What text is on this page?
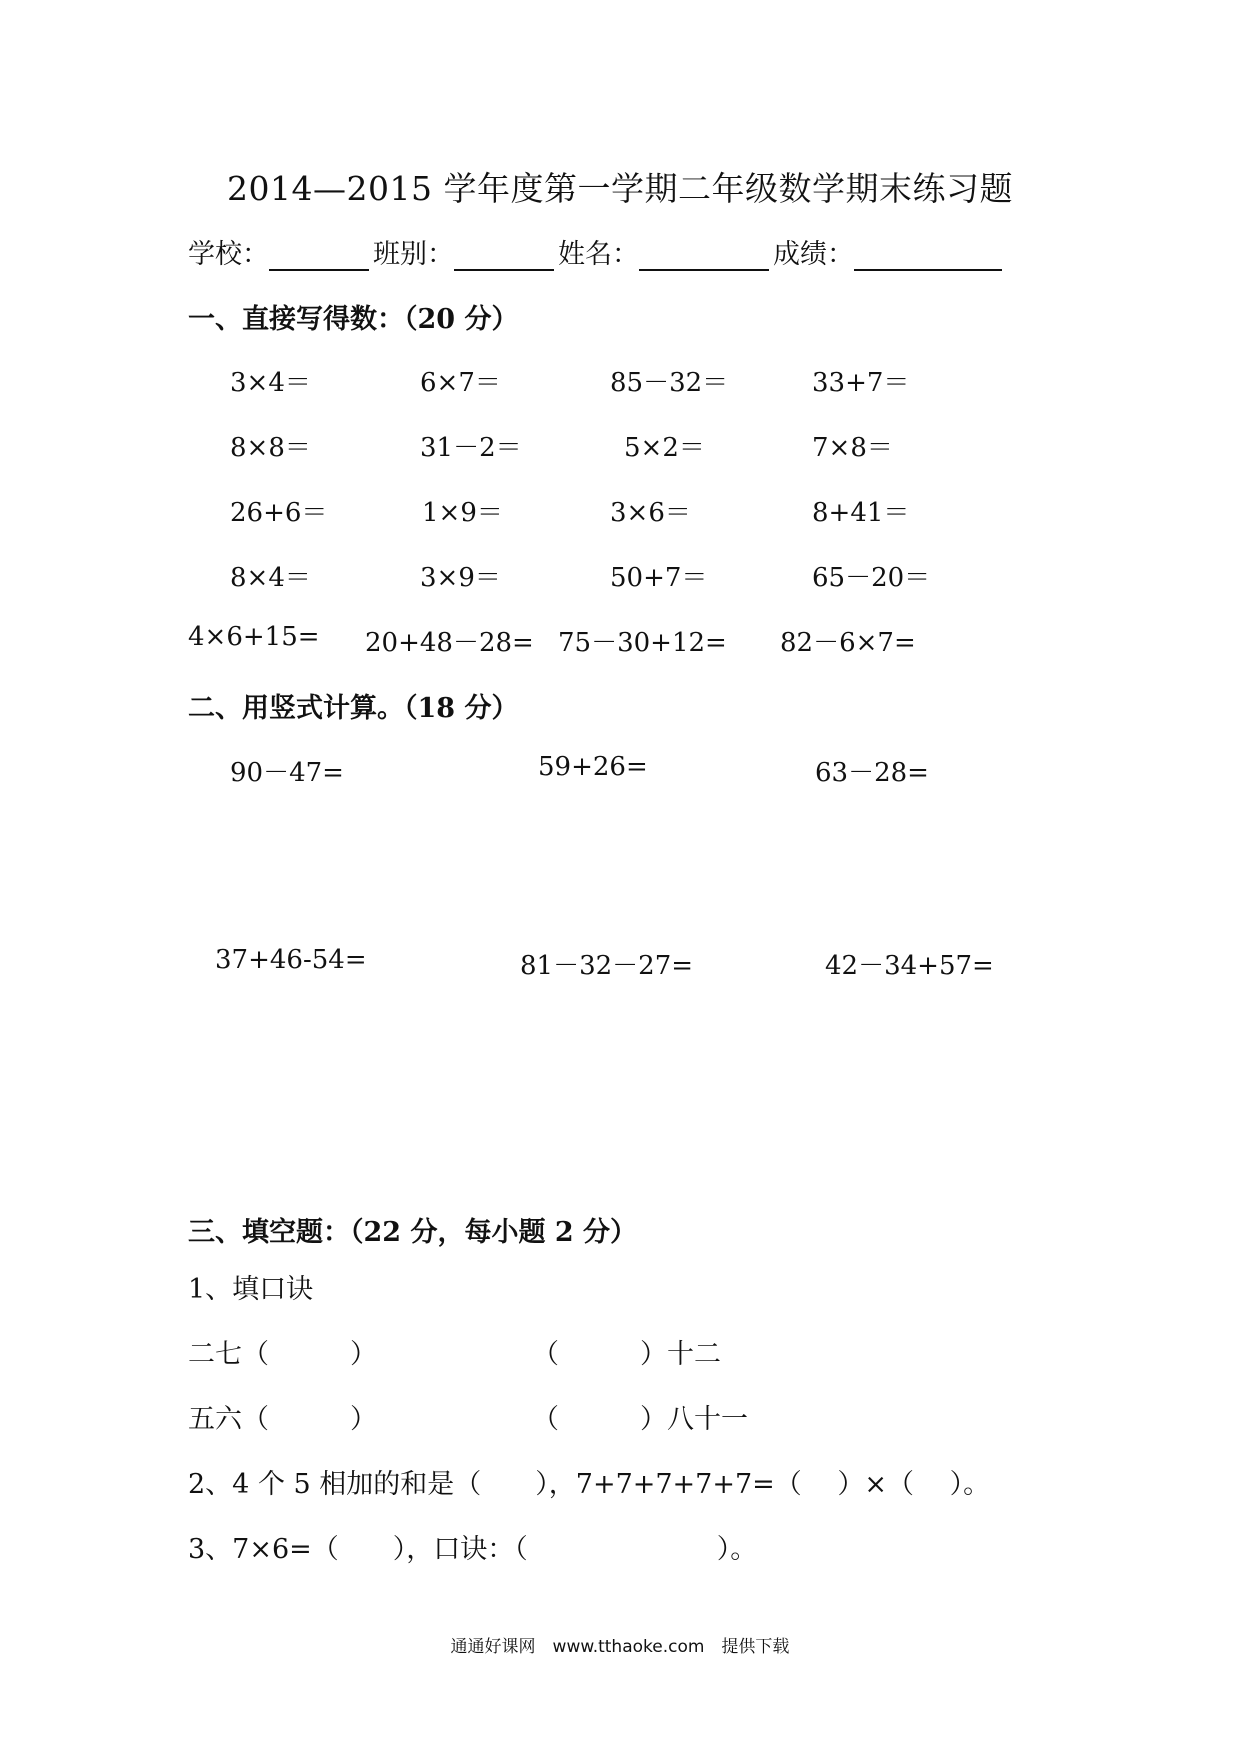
2014—2015 学年度第一学期二年级数学期末练习题
学校：	班别：	姓名：	成绩：
一、直接写得数：（20 分）
3×4＝	6×7＝	85－32＝	33+7＝
8×8＝	31－2＝	5×2＝	7×8＝
26+6＝	1×9＝	3×6＝	8+41＝
8×4＝	3×9＝	50+7＝	65－20＝
4×6+15= 20+48－28= 75－30+12= 82－6×7=
二、用竖式计算。（18 分）
90－47=	59+26=	63－28=
37+46-54=	81－32－27=	42－34+57=
三、填空题：（22 分，每小题 2 分）
1、填口诀
二七（　　　）	（　　　）十二
五六（　　　）	（　　　）八十一
2、4 个 5 相加的和是（　　），7+7+7+7+7=（　 ）×（　 ）。
3、7×6=（　　），口诀：（　　　　　　　）。
通通好课网　www.tthaoke.com　提供下载
